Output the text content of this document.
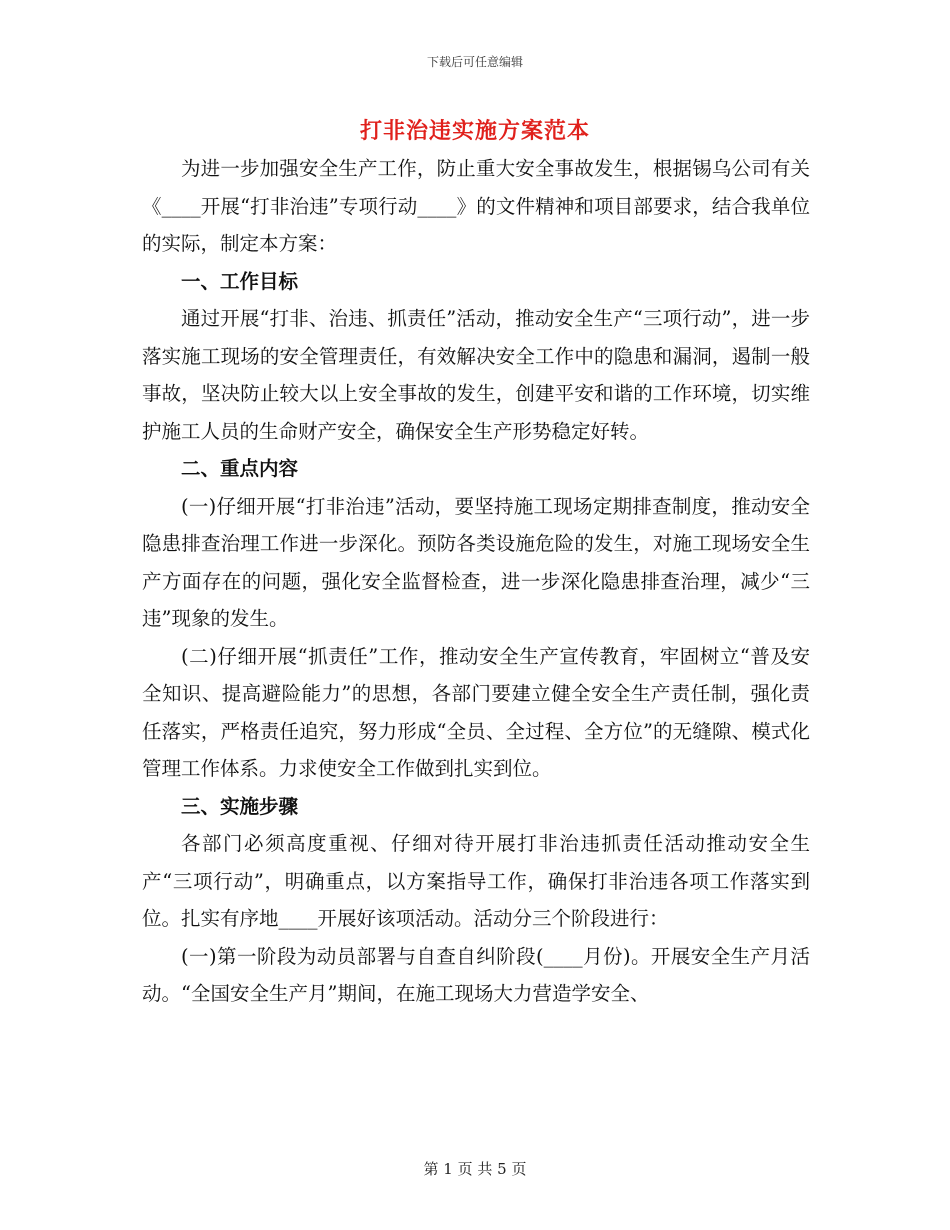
下载后可任意编辑
打非治违实施方案范本

为进一步加强安全生产工作，防止重大安全事故发生，根据锡乌公司有关《____开展“打非治违”专项行动____》的文件精神和项目部要求，结合我单位的实际，制定本方案：

一、工作目标

通过开展“打非、治违、抓责任”活动，推动安全生产“三项行动”，进一步落实施工现场的安全管理责任，有效解决安全工作中的隐患和漏洞，遏制一般事故，坚决防止较大以上安全事故的发生，创建平安和谐的工作环境，切实维护施工人员的生命财产安全，确保安全生产形势稳定好转。

二、重点内容

(一)仔细开展“打非治违”活动，要坚持施工现场定期排查制度，推动安全隐患排查治理工作进一步深化。预防各类设施危险的发生，对施工现场安全生产方面存在的问题，强化安全监督检查，进一步深化隐患排查治理，减少“三违”现象的发生。

(二)仔细开展“抓责任”工作，推动安全生产宣传教育，牢固树立“普及安全知识、提高避险能力”的思想，各部门要建立健全安全生产责任制，强化责任落实，严格责任追究，努力形成“全员、全过程、全方位”的无缝隙、模式化管理工作体系。力求使安全工作做到扎实到位。

三、实施步骤

各部门必须高度重视、仔细对待开展打非治违抓责任活动推动安全生产“三项行动”，明确重点，以方案指导工作，确保打非治违各项工作落实到位。扎实有序地____开展好该项活动。活动分三个阶段进行：

(一)第一阶段为动员部署与自查自纠阶段(____月份)。开展安全生产月活动。“全国安全生产月”期间，在施工现场大力营造学安全、

第 1 页 共 5 页
